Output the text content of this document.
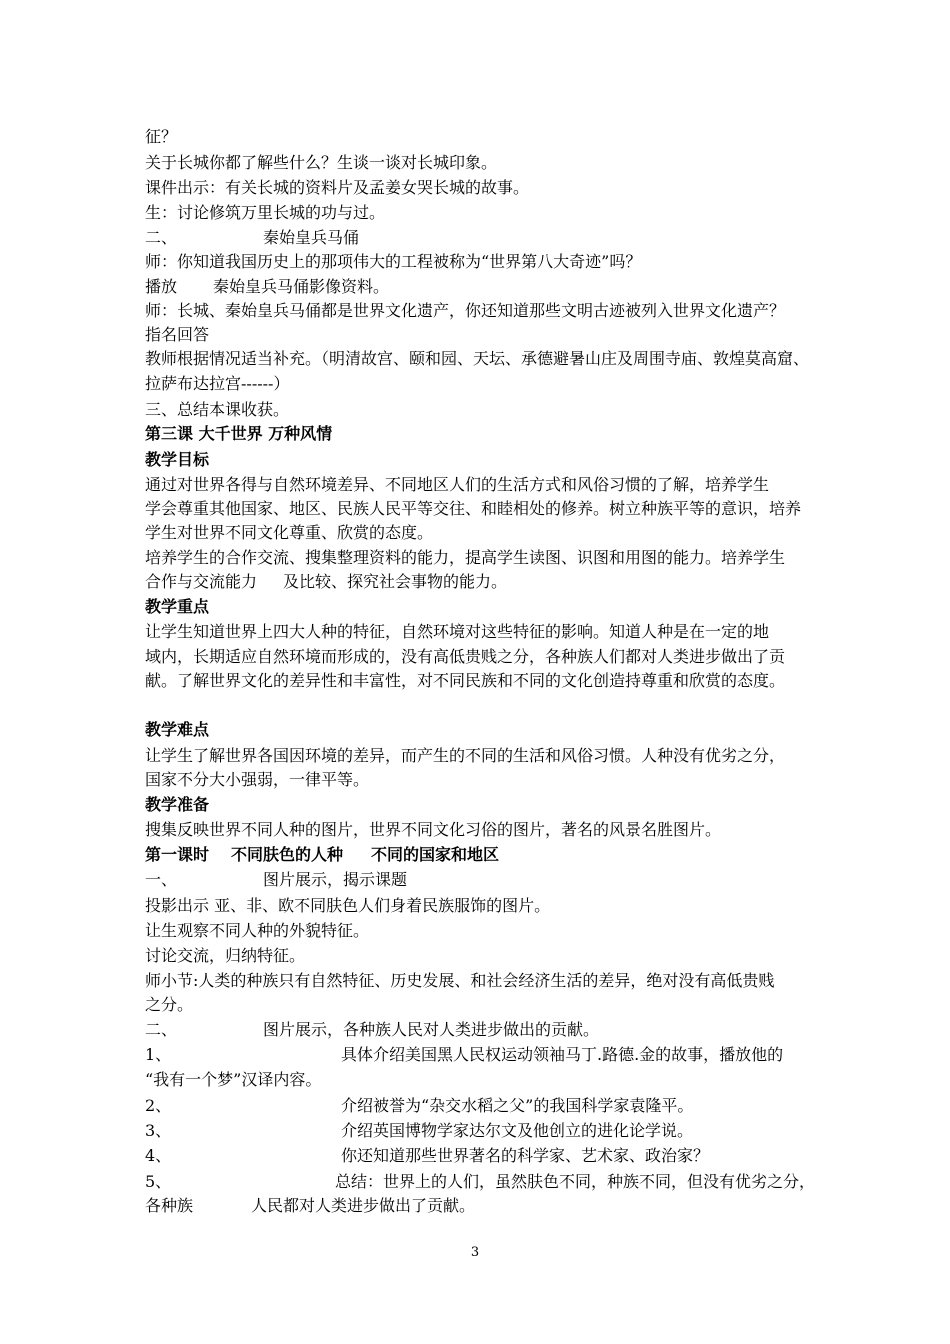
征？
关于长城你都了解些什么？生谈一谈对长城印象。
课件出示：有关长城的资料片及孟姜女哭长城的故事。
生：讨论修筑万里长城的功与过。
二、	秦始皇兵马俑
师：你知道我国历史上的那项伟大的工程被称为“世界第八大奇迹”吗？
播放 秦始皇兵马俑影像资料。
师：长城、秦始皇兵马俑都是世界文化遗产，你还知道那些文明古迹被列入世界文化遗产？
指名回答
教师根据情况适当补充。（明清故宫、颐和园、天坛、承德避暑山庄及周围寺庙、敦煌莫高窟、
拉萨布达拉宫------）
三、总结本课收获。
第三课 大千世界 万种风情
教学目标
通过对世界各得与自然环境差异、不同地区人们的生活方式和风俗习惯的了解，培养学生
学会尊重其他国家、地区、民族人民平等交往、和睦相处的修养。树立种族平等的意识，培养
学生对世界不同文化尊重、欣赏的态度。
培养学生的合作交流、搜集整理资料的能力，提高学生读图、识图和用图的能力。培养学生
合作与交流能力 及比较、探究社会事物的能力。
教学重点
让学生知道世界上四大人种的特征，自然环境对这些特征的影响。知道人种是在一定的地
域内，长期适应自然环境而形成的，没有高低贵贱之分，各种族人们都对人类进步做出了贡
献。了解世界文化的差异性和丰富性，对不同民族和不同的文化创造持尊重和欣赏的态度。
教学难点
让学生了解世界各国因环境的差异，而产生的不同的生活和风俗习惯。人种没有优劣之分，
国家不分大小强弱，一律平等。
教学准备
搜集反映世界不同人种的图片，世界不同文化习俗的图片，著名的风景名胜图片。
第一课时 不同肤色的人种 不同的国家和地区
一、	图片展示，揭示课题
投影出示 亚、非、欧不同肤色人们身着民族服饰的图片。
让生观察不同人种的外貌特征。
讨论交流，归纳特征。
师小节:人类的种族只有自然特征、历史发展、和社会经济生活的差异，绝对没有高低贵贱
之分。
二、	图片展示，各种族人民对人类进步做出的贡献。
1、	具体介绍美国黑人民权运动领袖马丁.路德.金的故事，播放他的
“我有一个梦”汉译内容。
2、	介绍被誉为“杂交水稻之父”的我国科学家袁隆平。
3、	介绍英国博物学家达尔文及他创立的进化论学说。
4、	你还知道那些世界著名的科学家、艺术家、政治家？
5、	总结：世界上的人们，虽然肤色不同，种族不同，但没有优劣之分，
各种族	人民都对人类进步做出了贡献。
3
